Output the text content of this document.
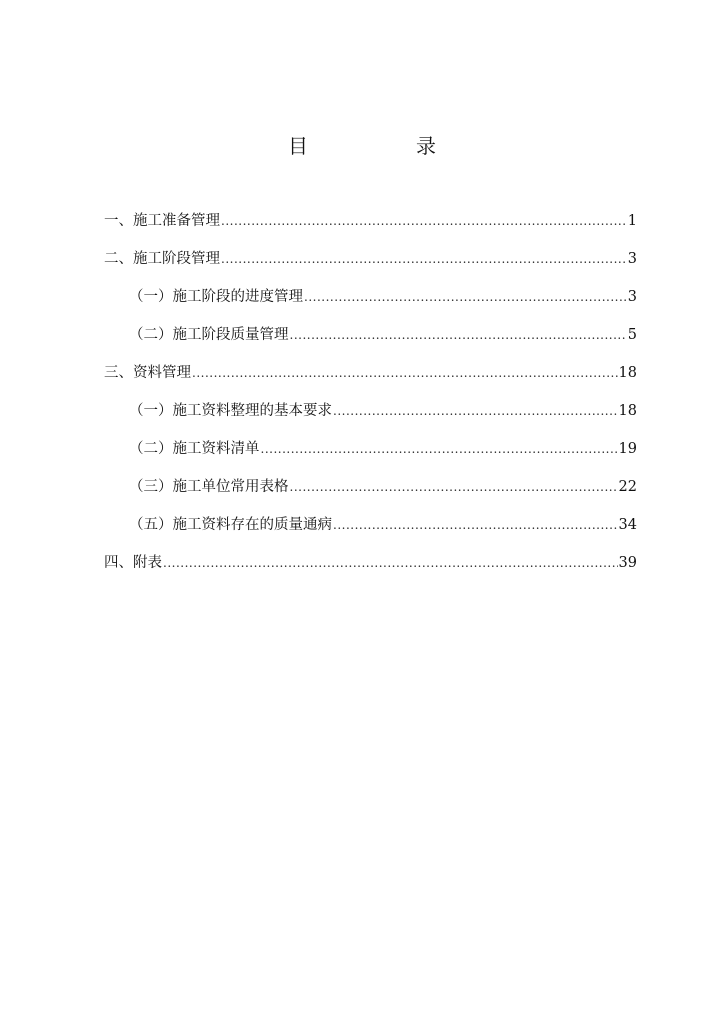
目　录
一、施工准备管理 .....	1
二、施工阶段管理 .....	3
（一）施工阶段的进度管理 .....	3
（二）施工阶段质量管理 .....	5
三、资料管理 .....	18
（一）施工资料整理的基本要求 .....	18
（二）施工资料清单 .....	19
（三）施工单位常用表格 .....	22
（五）施工资料存在的质量通病 .....	34
四、附表 .....	39
